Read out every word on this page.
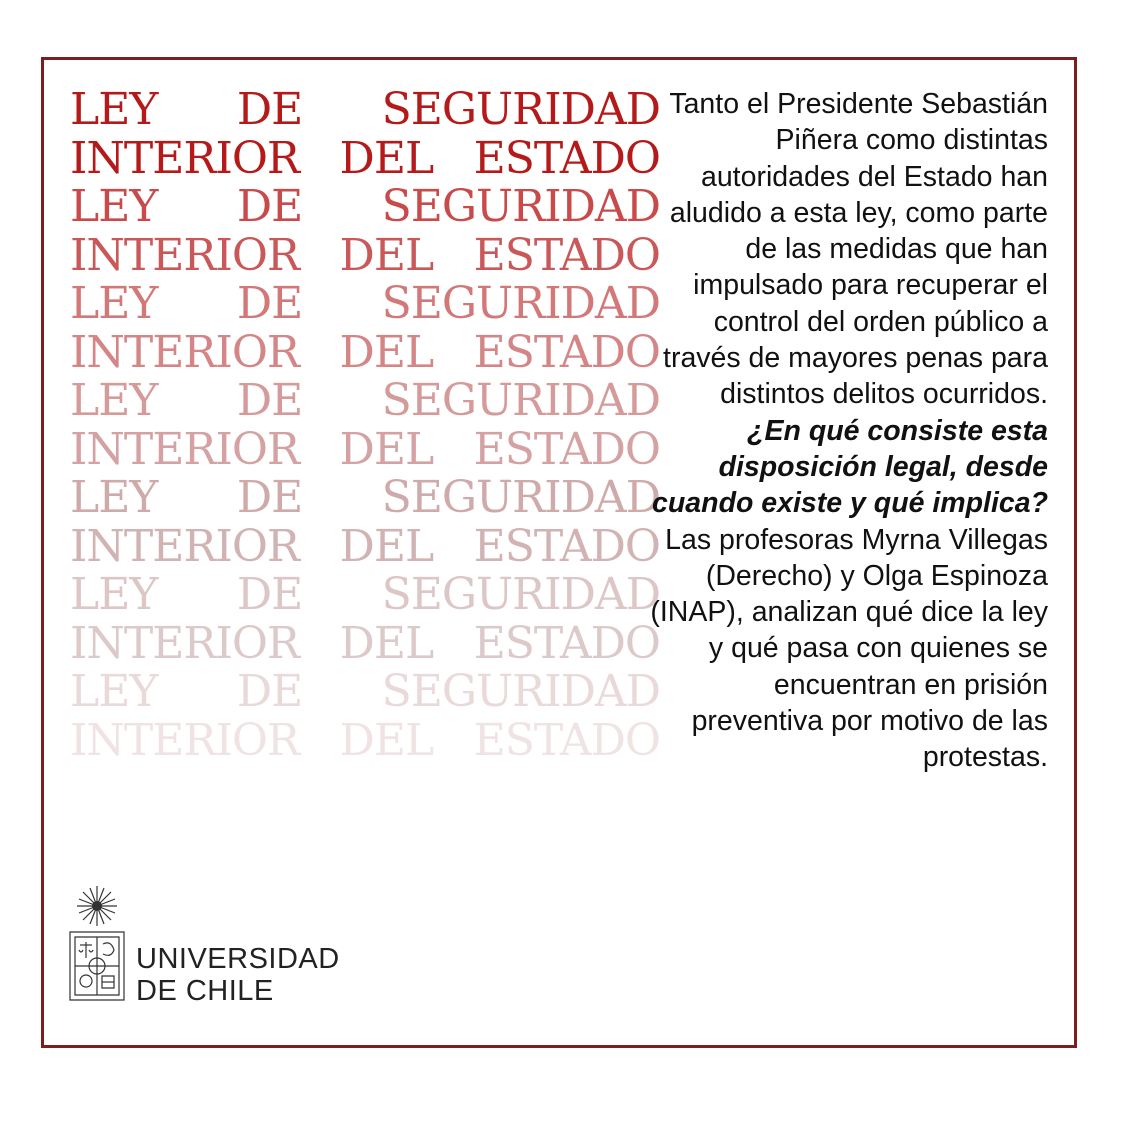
LEY DE SEGURIDAD
INTERIOR DEL ESTADO
LEY DE SEGURIDAD
INTERIOR DEL ESTADO
LEY DE SEGURIDAD
INTERIOR DEL ESTADO
LEY DE SEGURIDAD
INTERIOR DEL ESTADO
LEY DE SEGURIDAD
INTERIOR DEL ESTADO
LEY DE SEGURIDAD
INTERIOR DEL ESTADO
LEY DE SEGURIDAD
INTERIOR DEL ESTADO

Tanto el Presidente Sebastián Piñera como distintas autoridades del Estado han aludido a esta ley, como parte de las medidas que han impulsado para recuperar el control del orden público a través de mayores penas para distintos delitos ocurridos.

¿En qué consiste esta disposición legal, desde cuando existe y qué implica?

Las profesoras Myrna Villegas (Derecho) y Olga Espinoza (INAP), analizan qué dice la ley y qué pasa con quienes se encuentran en prisión preventiva por motivo de las protestas.

UNIVERSIDAD
DE CHILE
